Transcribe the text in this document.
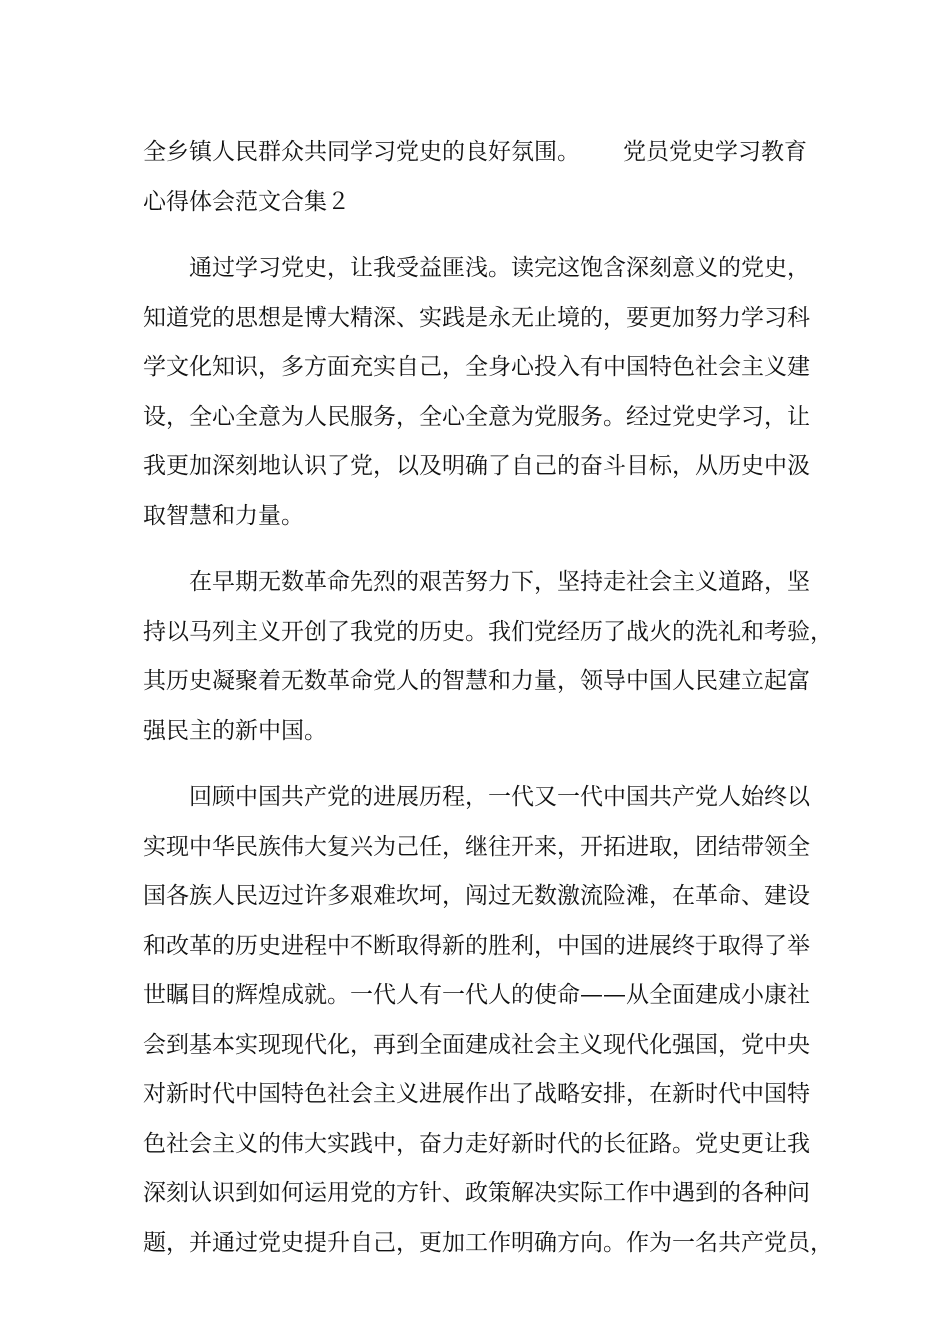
全乡镇人民群众共同学习党史的良好氛围。 党员党史学习教育
心得体会范文合集２
通过学习党史，让我受益匪浅。读完这饱含深刻意义的党史，
知道党的思想是博大精深、实践是永无止境的，要更加努力学习科
学文化知识，多方面充实自己，全身心投入有中国特色社会主义建
设，全心全意为人民服务，全心全意为党服务。经过党史学习，让
我更加深刻地认识了党，以及明确了自己的奋斗目标，从历史中汲
取智慧和力量。
在早期无数革命先烈的艰苦努力下，坚持走社会主义道路，坚
持以马列主义开创了我党的历史。我们党经历了战火的洗礼和考验，
其历史凝聚着无数革命党人的智慧和力量，领导中国人民建立起富
强民主的新中国。
回顾中国共产党的进展历程，一代又一代中国共产党人始终以
实现中华民族伟大复兴为己任，继往开来，开拓进取，团结带领全
国各族人民迈过许多艰难坎坷，闯过无数激流险滩，在革命、建设
和改革的历史进程中不断取得新的胜利，中国的进展终于取得了举
世瞩目的辉煌成就。一代人有一代人的使命——从全面建成小康社
会到基本实现现代化，再到全面建成社会主义现代化强国，党中央
对新时代中国特色社会主义进展作出了战略安排，在新时代中国特
色社会主义的伟大实践中，奋力走好新时代的长征路。党史更让我
深刻认识到如何运用党的方针、政策解决实际工作中遇到的各种问
题，并通过党史提升自己，更加工作明确方向。作为一名共产党员，
